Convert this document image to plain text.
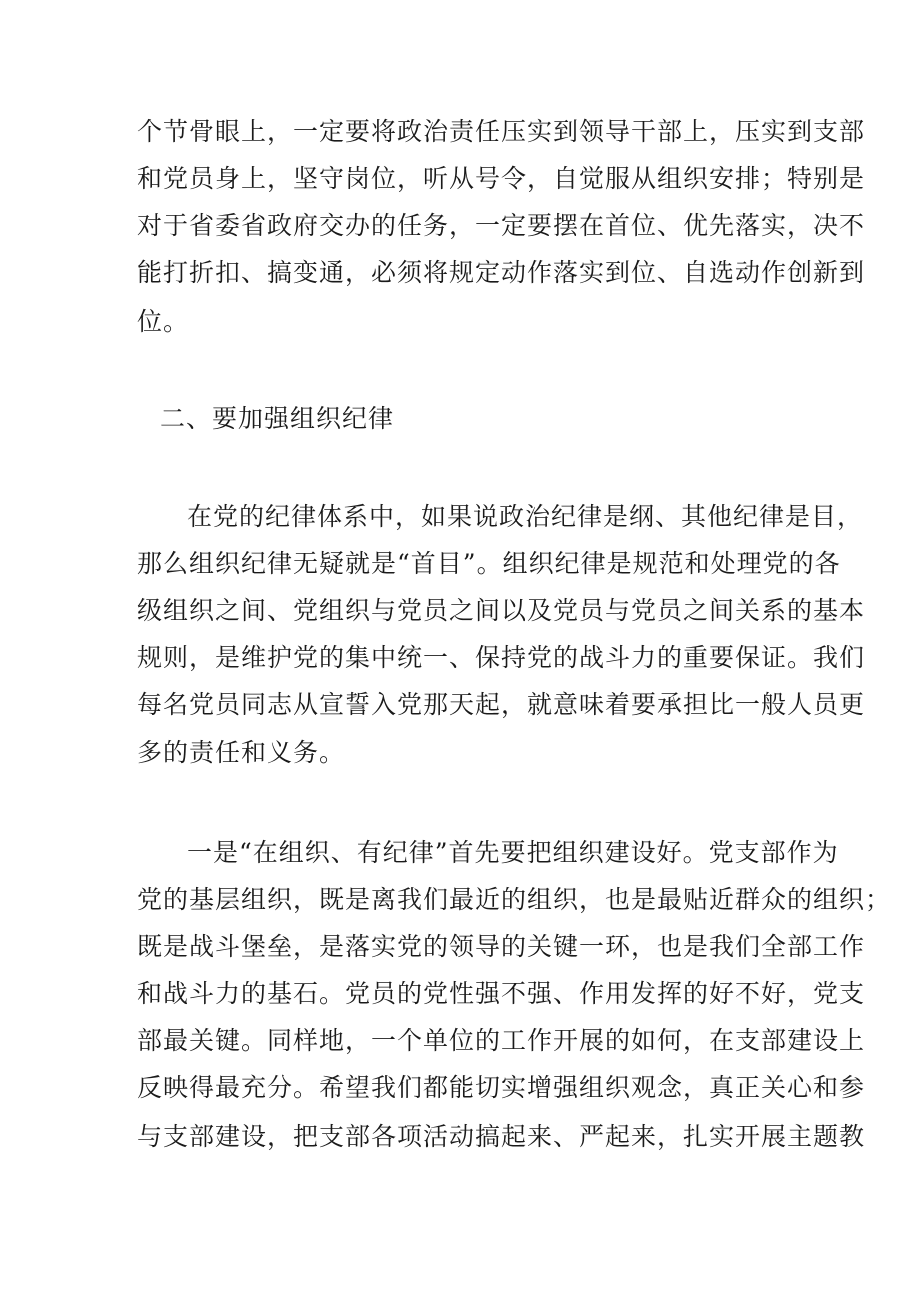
个节骨眼上，一定要将政治责任压实到领导干部上，压实到支部
和党员身上，坚守岗位，听从号令，自觉服从组织安排；特别是
对于省委省政府交办的任务，一定要摆在首位、优先落实，决不
能打折扣、搞变通，必须将规定动作落实到位、自选动作创新到
位。
二、要加强组织纪律
在党的纪律体系中，如果说政治纪律是纲、其他纪律是目，
那么组织纪律无疑就是“首目”。组织纪律是规范和处理党的各
级组织之间、党组织与党员之间以及党员与党员之间关系的基本
规则，是维护党的集中统一、保持党的战斗力的重要保证。我们
每名党员同志从宣誓入党那天起，就意味着要承担比一般人员更
多的责任和义务。
一是“在组织、有纪律”首先要把组织建设好。党支部作为
党的基层组织，既是离我们最近的组织，也是最贴近群众的组织；
既是战斗堡垒，是落实党的领导的关键一环，也是我们全部工作
和战斗力的基石。党员的党性强不强、作用发挥的好不好，党支
部最关键。同样地，一个单位的工作开展的如何，在支部建设上
反映得最充分。希望我们都能切实增强组织观念，真正关心和参
与支部建设，把支部各项活动搞起来、严起来，扎实开展主题教
